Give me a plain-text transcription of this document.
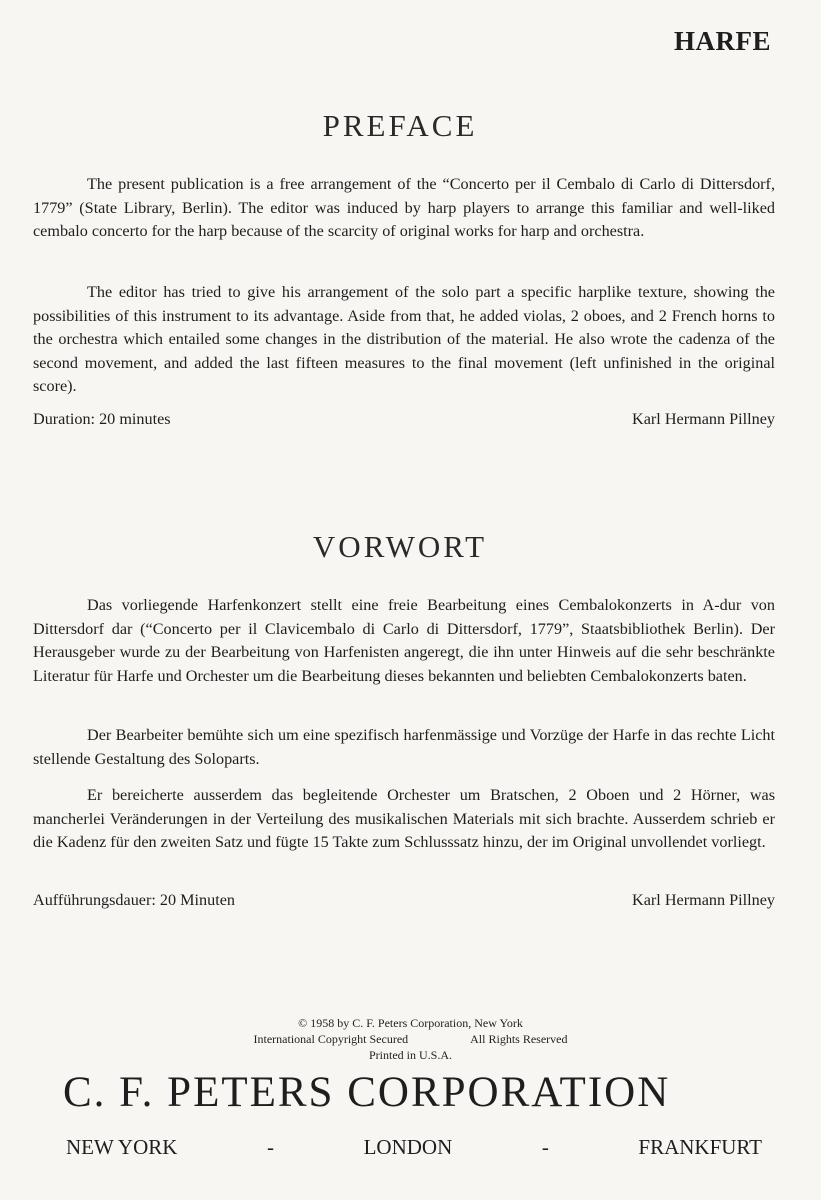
HARFE
PREFACE

The present publication is a free arrangement of the “Concerto per il Cembalo di Carlo di Dittersdorf, 1779” (State Library, Berlin). The editor was induced by harp players to arrange this familiar and well-liked cembalo concerto for the harp because of the scarcity of original works for harp and orchestra.

The editor has tried to give his arrangement of the solo part a specific harplike texture, showing the possibilities of this instrument to its advantage. Aside from that, he added violas, 2 oboes, and 2 French horns to the orchestra which entailed some changes in the distribution of the material. He also wrote the cadenza of the second movement, and added the last fifteen measures to the final movement (left unfinished in the original score).

Duration: 20 minutes	Karl Hermann Pillney
VORWORT

Das vorliegende Harfenkonzert stellt eine freie Bearbeitung eines Cembalokonzerts in A-dur von Dittersdorf dar (“Concerto per il Clavicembalo di Carlo di Dittersdorf, 1779”, Staatsbibliothek Berlin). Der Herausgeber wurde zu der Bearbeitung von Harfenisten angeregt, die ihn unter Hinweis auf die sehr beschränkte Literatur für Harfe und Orchester um die Bearbeitung dieses bekannten und beliebten Cembalokonzerts baten.

Der Bearbeiter bemühte sich um eine spezifisch harfenmässige und Vorzüge der Harfe in das rechte Licht stellende Gestaltung des Soloparts.

Er bereicherte ausserdem das begleitende Orchester um Bratschen, 2 Oboen und 2 Hörner, was mancherlei Veränderungen in der Verteilung des musikalischen Materials mit sich brachte. Ausserdem schrieb er die Kadenz für den zweiten Satz und fügte 15 Takte zum Schlusssatz hinzu, der im Original unvollendet vorliegt.

Aufführungsdauer: 20 Minuten	Karl Hermann Pillney
© 1958 by C. F. Peters Corporation, New York
International Copyright Secured	All Rights Reserved
Printed in U.S.A.
C. F. PETERS CORPORATION
NEW YORK	-	LONDON	-	FRANKFURT
